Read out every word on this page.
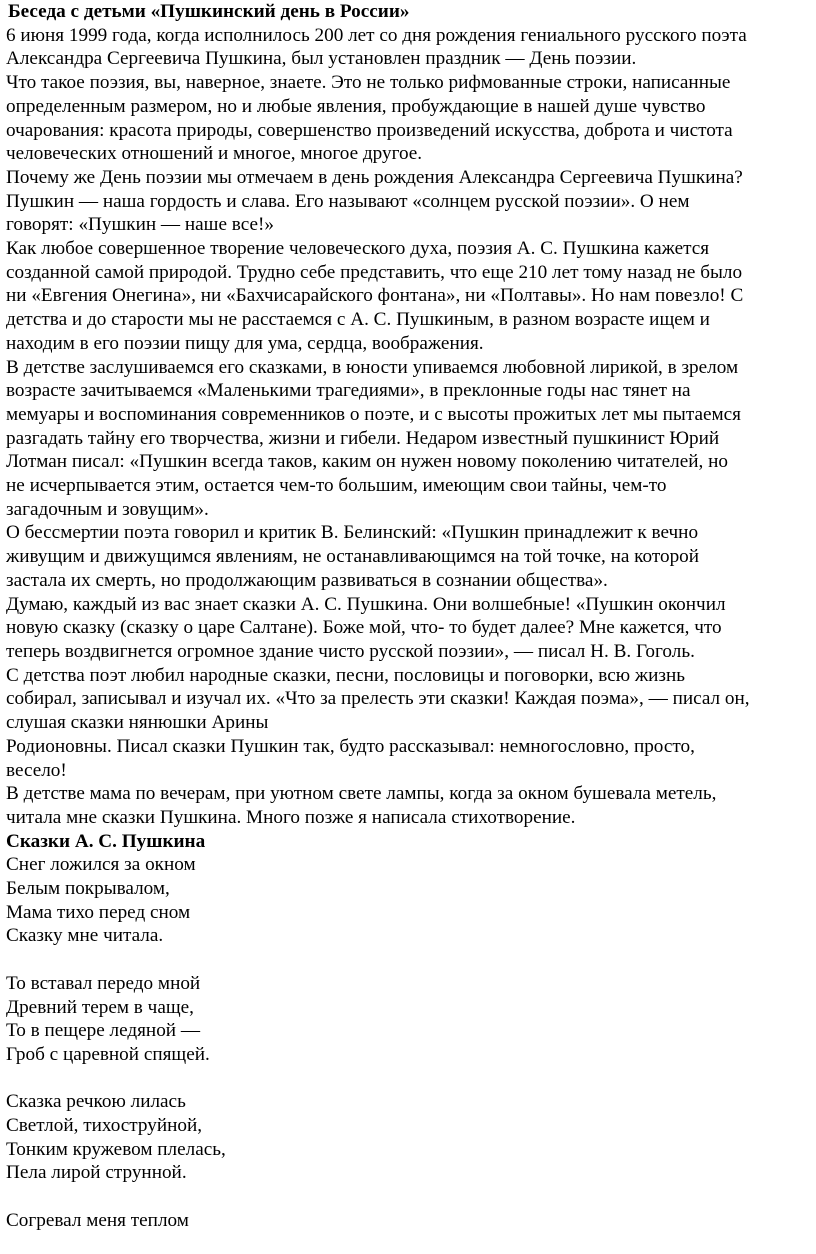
Беседа с детьми «Пушкинский день в России»

6 июня 1999 года, когда исполнилось 200 лет со дня рождения гениального русского поэта
Александра Сергеевича Пушкина, был установлен праздник — День поэзии.

Что такое поэзия, вы, наверное, знаете. Это не только рифмованные строки, написанные
определенным размером, но и любые явления, пробуждающие в нашей душе чувство
очарования: красота природы, совершенство произведений искусства, доброта и чистота
человеческих отношений и многое, многое другое.

Почему же День поэзии мы отмечаем в день рождения Александра Сергеевича Пушкина?
Пушкин — наша гордость и слава. Его называют «солнцем русской поэзии». О нем
говорят: «Пушкин — наше все!»

Как любое совершенное творение человеческого духа, поэзия А. С. Пушкина кажется
созданной самой природой. Трудно себе представить, что еще 210 лет тому назад не было
ни «Евгения Онегина», ни «Бахчисарайского фонтана», ни «Полтавы». Но нам повезло! С
детства и до старости мы не расстаемся с А. С. Пушкиным, в разном возрасте ищем и
находим в его поэзии пищу для ума, сердца, воображения.

В детстве заслушиваемся его сказками, в юности упиваемся любовной лирикой, в зрелом
возрасте зачитываемся «Маленькими трагедиями», в преклонные годы нас тянет на
мемуары и воспоминания современников о поэте, и с высоты прожитых лет мы пытаемся
разгадать тайну его творчества, жизни и гибели. Недаром известный пушкинист Юрий
Лотман писал: «Пушкин всегда таков, каким он нужен новому поколению читателей, но
не исчерпывается этим, остается чем-то большим, имеющим свои тайны, чем-то
загадочным и зовущим».

О бессмертии поэта говорил и критик В. Белинский: «Пушкин принадлежит к вечно
живущим и движущимся явлениям, не останавливающимся на той точке, на которой
застала их смерть, но продолжающим развиваться в сознании общества».

Думаю, каждый из вас знает сказки А. С. Пушкина. Они волшебные! «Пушкин окончил
новую сказку (сказку о царе Салтане). Боже мой, что- то будет далее? Мне кажется, что
теперь воздвигнется огромное здание чисто русской поэзии», — писал Н. В. Гоголь.

С детства поэт любил народные сказки, песни, пословицы и поговорки, всю жизнь
собирал, записывал и изучал их. «Что за прелесть эти сказки! Каждая поэма», — писал он,
слушая сказки нянюшки Арины
Родионовны. Писал сказки Пушкин так, будто рассказывал: немногословно, просто,
весело!

В детстве мама по вечерам, при уютном свете лампы, когда за окном бушевала метель,
читала мне сказки Пушкина. Много позже я написала стихотворение.

Сказки А. С. Пушкина

Снег ложился за окном
Белым покрывалом,
Мама тихо перед сном
Сказку мне читала.

То вставал передо мной
Древний терем в чаще,
То в пещере ледяной —
Гроб с царевной спящей.

Сказка речкою лилась
Светлой, тихоструйной,
Тонким кружевом плелась,
Пела лирой струнной.

Согревал меня теплом
